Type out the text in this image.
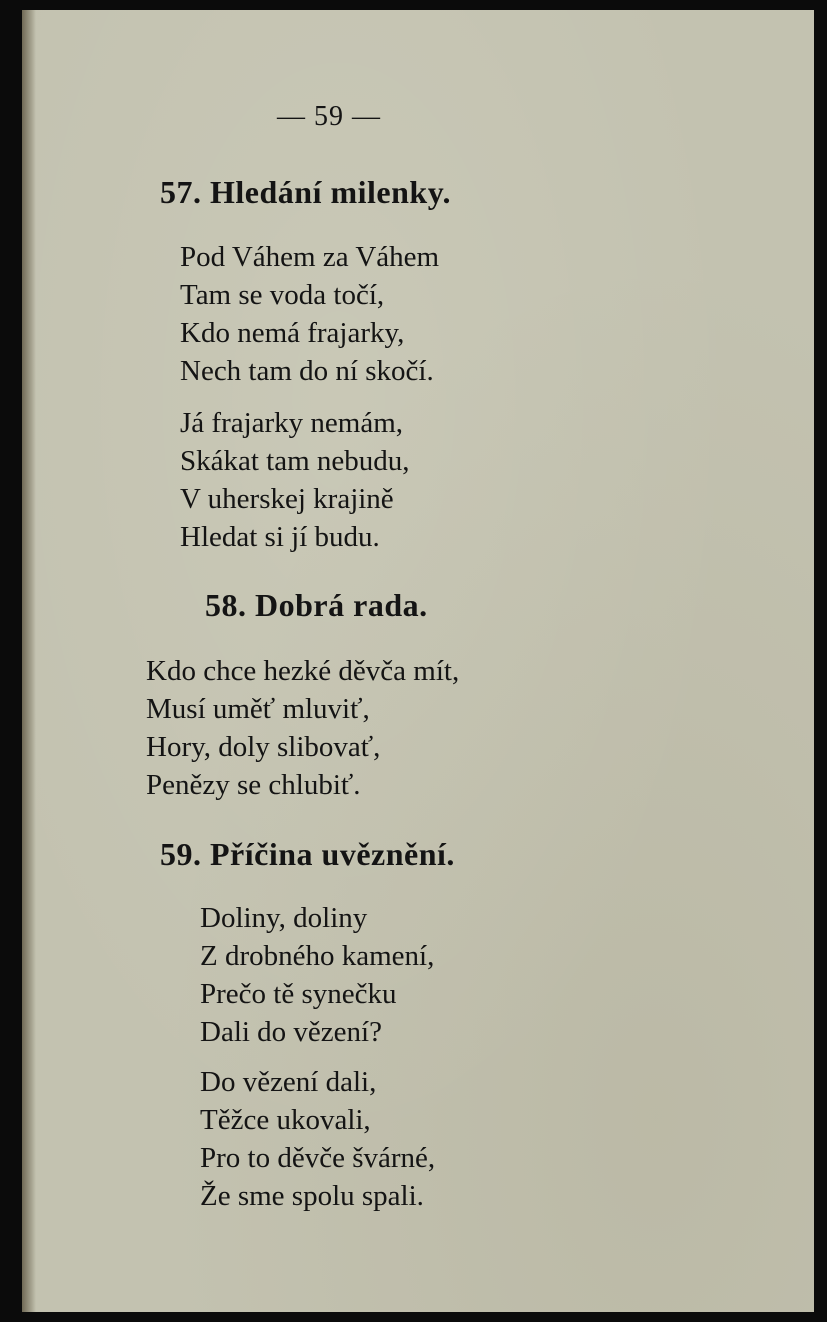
— 59 —
57. Hledání milenky.
Pod Váhem za Váhem
Tam se voda točí,
Kdo nemá frajarky,
Nech tam do ní skočí.
Já frajarky nemám,
Skákat tam nebudu,
V uherskej krajině
Hledat si jí budu.
58. Dobrá rada.
Kdo chce hezké děvča mít,
Musí uměť mluviť,
Hory, doly slibovať,
Penězy se chlubiť.
59. Příčina uvěznění.
Doliny, doliny
Z drobného kamení,
Prečo tě synečku
Dali do vězení?
Do vězení dali,
Těžce ukovali,
Pro to děvče švárné,
Že sme spolu spali.
